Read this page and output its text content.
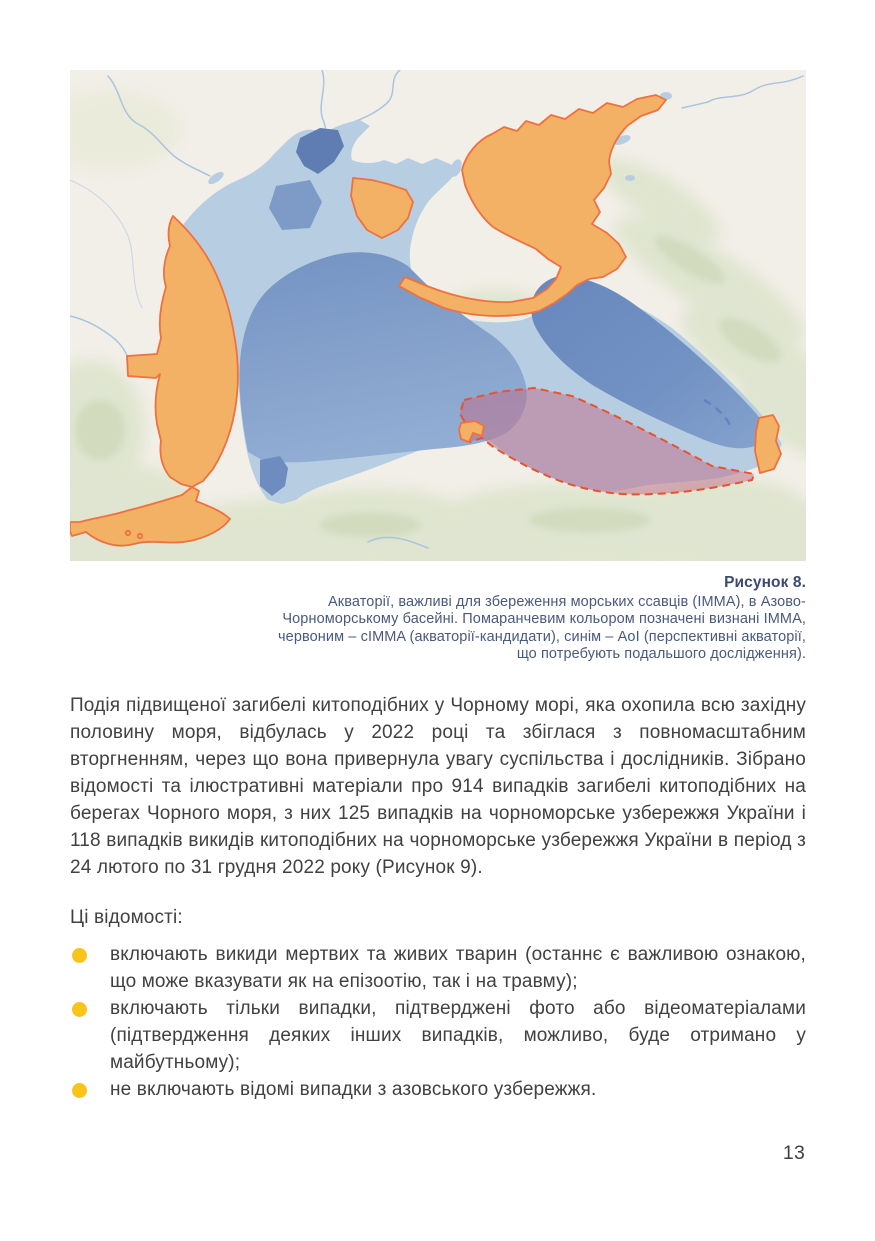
Рисунок 8.
Акваторії, важливі для збереження морських ссавців (IMMA), в Азово-
Чорноморському басейні. Помаранчевим кольором позначені визнані IMMA,
червоним – cIMMA (акваторії-кандидати), синім – AoI (перспективні акваторії,
що потребують подальшого дослідження).

Подія підвищеної загибелі китоподібних у Чорному морі, яка охопила всю західну половину моря, відбулась у 2022 році та збіглася з повномасштабним вторгненням, через що вона привернула увагу суспільства і дослідників. Зібрано відомості та ілюстративні матеріали про 914 випадків загибелі китоподібних на берегах Чорного моря, з них 125 випадків на чорноморське узбережжя України і 118 випадків викидів китоподібних на чорноморське узбережжя України в період з 24 лютого по 31 грудня 2022 року (Рисунок 9).

Ці відомості:

включають викиди мертвих та живих тварин (останнє є важливою ознакою, що може вказувати як на епізоотію, так і на травму);
включають тільки випадки, підтверджені фото або відеоматеріалами (підтвердження деяких інших випадків, можливо, буде отримано у майбутньому);
не включають відомі випадки з азовського узбережжя.
13
